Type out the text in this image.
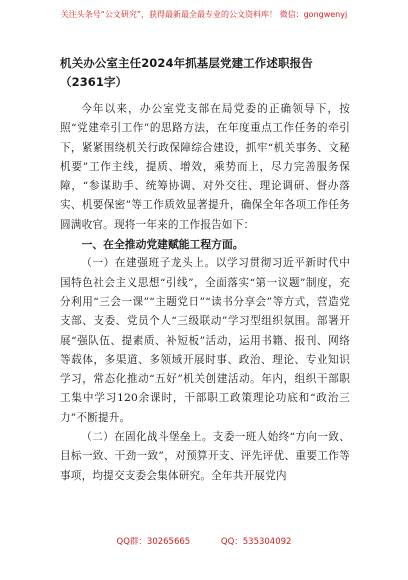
关注头条号“公文研究”，获得最新最全最专业的公文资料库！ 微信：gongwenyj

机关办公室主任2024年抓基层党建工作述职报告（2361字）

今年以来，办公室党支部在局党委的正确领导下，按照“党建牵引工作”的思路方法，在年度重点工作任务的牵引下，紧紧围绕机关行政保障综合建设，抓牢“机关事务、文秘机要”工作主线，提质、增效，乘势而上，尽力完善服务保障，“参谋助手、统筹协调、对外交往、理论调研、督办落实、机要保密”等工作质效显著提升，确保全年各项工作任务圆满收官。现将一年来的工作报告如下：

一、在全推动党建赋能工程方面。

（一）在建强班子龙头上。以学习贯彻习近平新时代中国特色社会主义思想“引线”，全面落实“第一议题”制度，充分利用“三会一课”“主题党日”“读书分享会”等方式，营造党支部、支委、党员个人“三级联动”学习型组织氛围。部署开展“强队伍、提素质、补短板”活动，运用书籍、报刊、网络等载体，多渠道、多领域开展时事、政治、理论、专业知识学习，常态化推动“五好”机关创建活动。年内，组织干部职工集中学习120余课时，干部职工政策理论功底和“政治三力”不断提升。

（二）在固化战斗堡垒上。支委一班人始终“方向一致、目标一致、干劲一致”，对预算开支、评先评优、重要工作等事项，均提交支委会集体研究。全年共开展党内

QQ群：30265665	QQ：535304092
